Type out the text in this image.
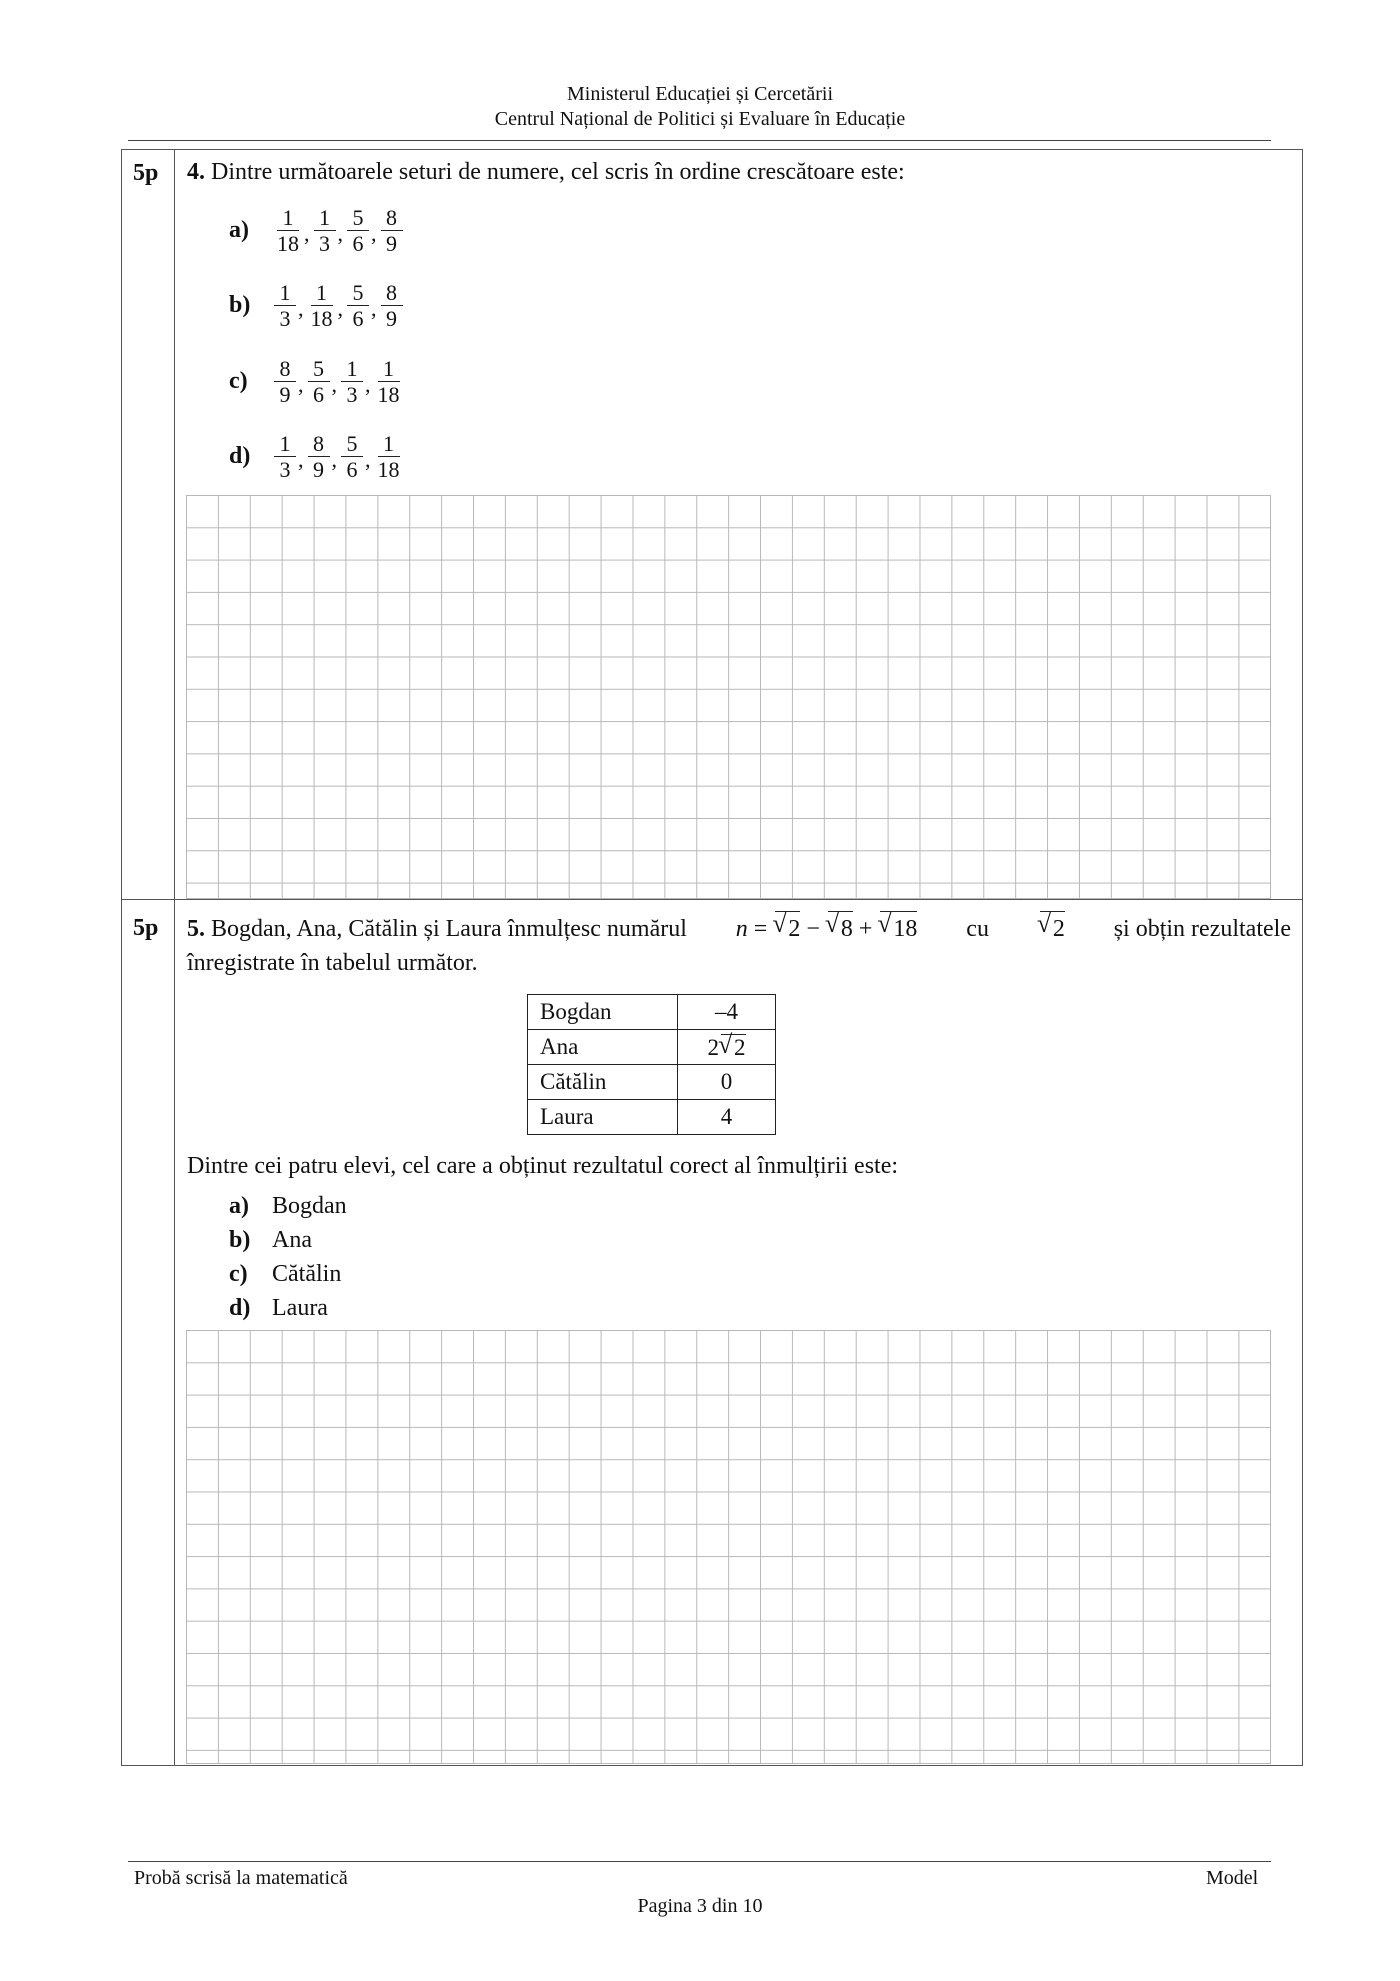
Ministerul Educației și Cercetării
Centrul Național de Politici și Evaluare în Educație
5p 4. Dintre următoarele seturi de numere, cel scris în ordine crescătoare este:
a)	$\frac{1}{18}$ , $\frac{1}{3}$ , $\frac{5}{6}$ , $\frac{8}{9}$
b)	$\frac{1}{3}$ , $\frac{1}{18}$ , $\frac{5}{6}$ , $\frac{8}{9}$
c)	$\frac{8}{9}$ , $\frac{5}{6}$ , $\frac{1}{3}$ , $\frac{1}{18}$
d)	$\frac{1}{3}$ , $\frac{8}{9}$ , $\frac{5}{6}$ , $\frac{1}{18}$
5p 5. Bogdan, Ana, Cătălin și Laura înmulțesc numărul n = √ 2 − √ 8 + √ 18 cu	√ 2 și obțin rezultatele
înregistrate în tabelul următor.
Bogdan	–4
Ana	2 √ 2
Cătălin	0
Laura	4
Dintre cei patru elevi, cel care a obținut rezultatul corect al înmulțirii este:
a) Bogdan
b) Ana
c) Cătălin
d) Laura
Probă scrisă la matematică	Model
Pagina 3 din 10
